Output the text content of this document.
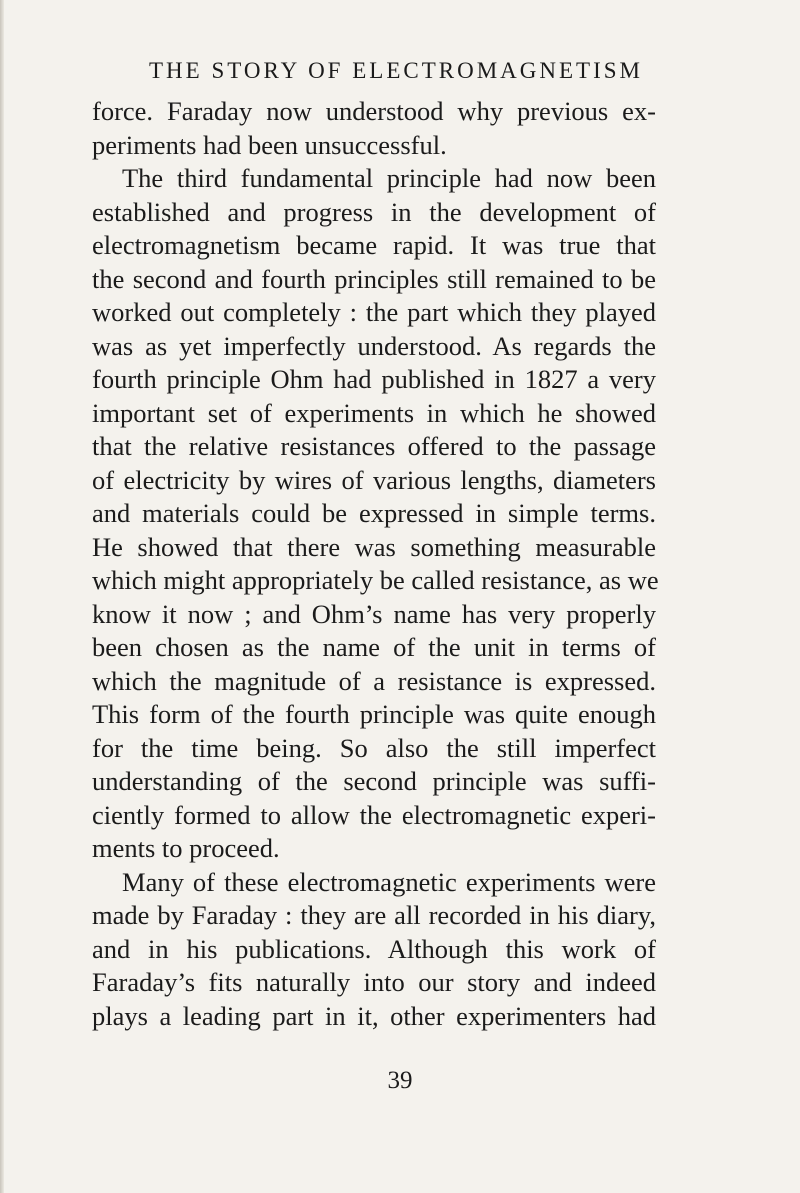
THE STORY OF ELECTROMAGNETISM
force. Faraday now understood why previous ex-
periments had been unsuccessful.
The third fundamental principle had now been
established and progress in the development of
electromagnetism became rapid. It was true that
the second and fourth principles still remained to be
worked out completely : the part which they played
was as yet imperfectly understood. As regards the
fourth principle Ohm had published in 1827 a very
important set of experiments in which he showed
that the relative resistances offered to the passage
of electricity by wires of various lengths, diameters
and materials could be expressed in simple terms.
He showed that there was something measurable
which might appropriately be called resistance, as we
know it now ; and Ohm’s name has very properly
been chosen as the name of the unit in terms of
which the magnitude of a resistance is expressed.
This form of the fourth principle was quite enough
for the time being. So also the still imperfect
understanding of the second principle was suffi-
ciently formed to allow the electromagnetic experi-
ments to proceed.
Many of these electromagnetic experiments were
made by Faraday : they are all recorded in his diary,
and in his publications. Although this work of
Faraday’s fits naturally into our story and indeed
plays a leading part in it, other experimenters had
39
